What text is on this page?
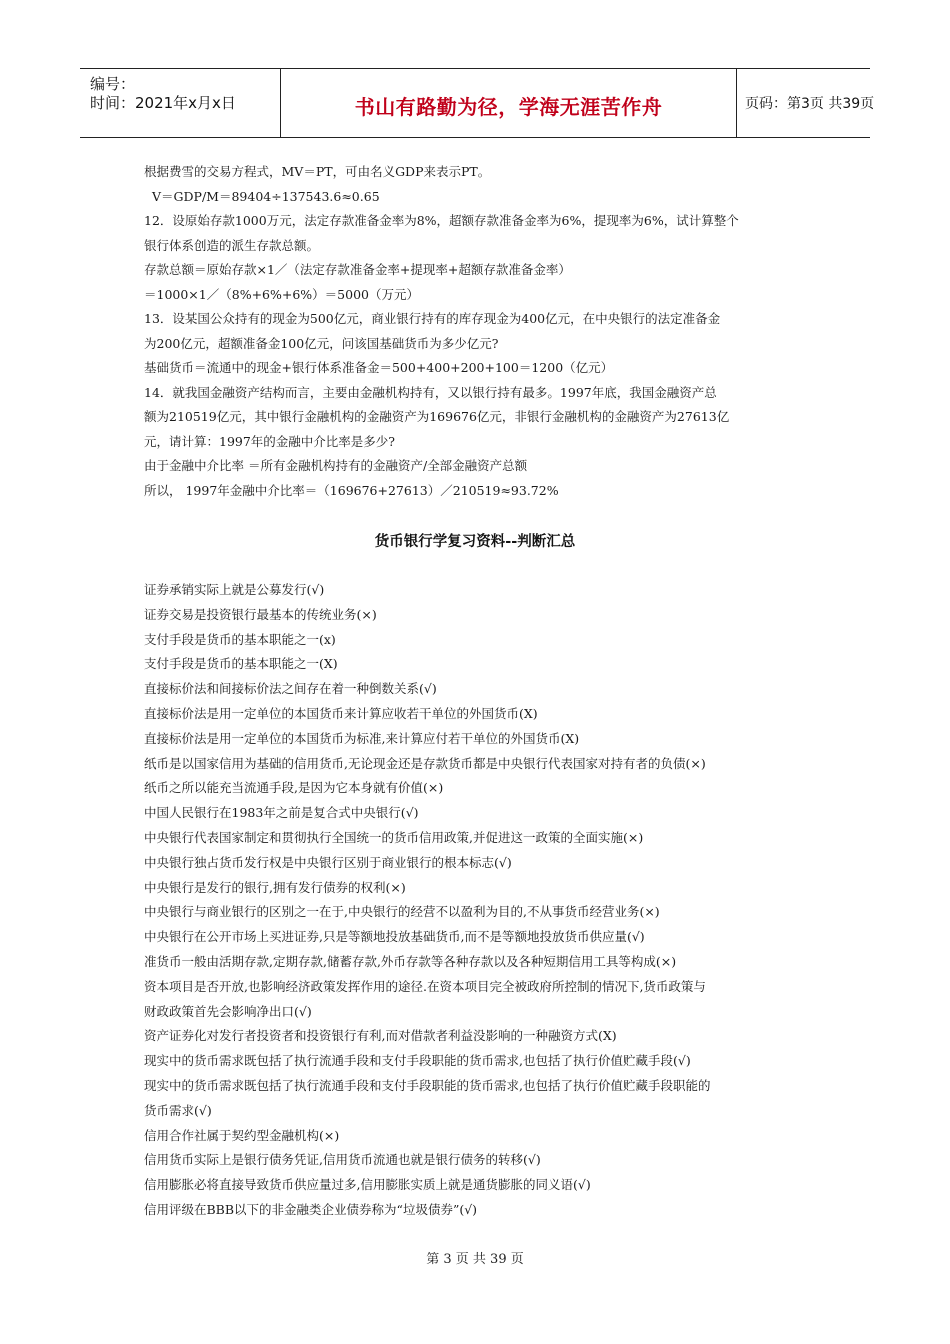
编号：
时间：2021年x月x日	书山有路勤为径，学海无涯苦作舟	页码：第3页 共39页
根据费雪的交易方程式，MV＝PT，可由名义GDP来表示PT。
V＝GDP/M＝89404÷137543.6≈0.65
12．设原始存款1000万元，法定存款准备金率为8%，超额存款准备金率为6%，提现率为6%，试计算整个
银行体系创造的派生存款总额。
存款总额＝原始存款×1／（法定存款准备金率+提现率+超额存款准备金率）
＝1000×1／（8%+6%+6%）＝5000（万元）
13．设某国公众持有的现金为500亿元，商业银行持有的库存现金为400亿元，在中央银行的法定准备金
为200亿元，超额准备金100亿元，问该国基础货币为多少亿元?
基础货币＝流通中的现金+银行体系准备金＝500+400+200+100＝1200（亿元）
14．就我国金融资产结构而言，主要由金融机构持有，又以银行持有最多。1997年底，我国金融资产总
额为210519亿元，其中银行金融机构的金融资产为169676亿元，非银行金融机构的金融资产为27613亿
元，请计算：1997年的金融中介比率是多少?
由于金融中介比率 ＝所有金融机构持有的金融资产/全部金融资产总额
所以， 1997年金融中介比率＝（169676+27613）／210519≈93.72%
货币银行学复习资料--判断汇总
证券承销实际上就是公募发行(√)
证券交易是投资银行最基本的传统业务(×)
支付手段是货币的基本职能之一(x)
支付手段是货币的基本职能之一(X)
直接标价法和间接标价法之间存在着一种倒数关系(√)
直接标价法是用一定单位的本国货币来计算应收若干单位的外国货币(X)
直接标价法是用一定单位的本国货币为标准,来计算应付若干单位的外国货币(X)
纸币是以国家信用为基础的信用货币,无论现金还是存款货币都是中央银行代表国家对持有者的负债(×)
纸币之所以能充当流通手段,是因为它本身就有价值(×)
中国人民银行在1983年之前是复合式中央银行(√)
中央银行代表国家制定和贯彻执行全国统一的货币信用政策,并促进这一政策的全面实施(×)
中央银行独占货币发行权是中央银行区别于商业银行的根本标志(√)
中央银行是发行的银行,拥有发行债券的权利(×)
中央银行与商业银行的区别之一在于,中央银行的经营不以盈利为目的,不从事货币经营业务(×)
中央银行在公开市场上买进证券,只是等额地投放基础货币,而不是等额地投放货币供应量(√)
准货币一般由活期存款,定期存款,储蓄存款,外币存款等各种存款以及各种短期信用工具等构成(×)
资本项目是否开放,也影响经济政策发挥作用的途径.在资本项目完全被政府所控制的情况下,货币政策与
财政政策首先会影响净出口(√)
资产证券化对发行者投资者和投资银行有利,而对借款者利益没影响的一种融资方式(X)
现实中的货币需求既包括了执行流通手段和支付手段职能的货币需求,也包括了执行价值贮藏手段(√)
现实中的货币需求既包括了执行流通手段和支付手段职能的货币需求,也包括了执行价值贮藏手段职能的
货币需求(√)
信用合作社属于契约型金融机构(×)
信用货币实际上是银行债务凭证,信用货币流通也就是银行债务的转移(√)
信用膨胀必将直接导致货币供应量过多,信用膨胀实质上就是通货膨胀的同义语(√)
信用评级在BBB以下的非金融类企业债券称为“垃圾债券”(√)
第 3 页 共 39 页
